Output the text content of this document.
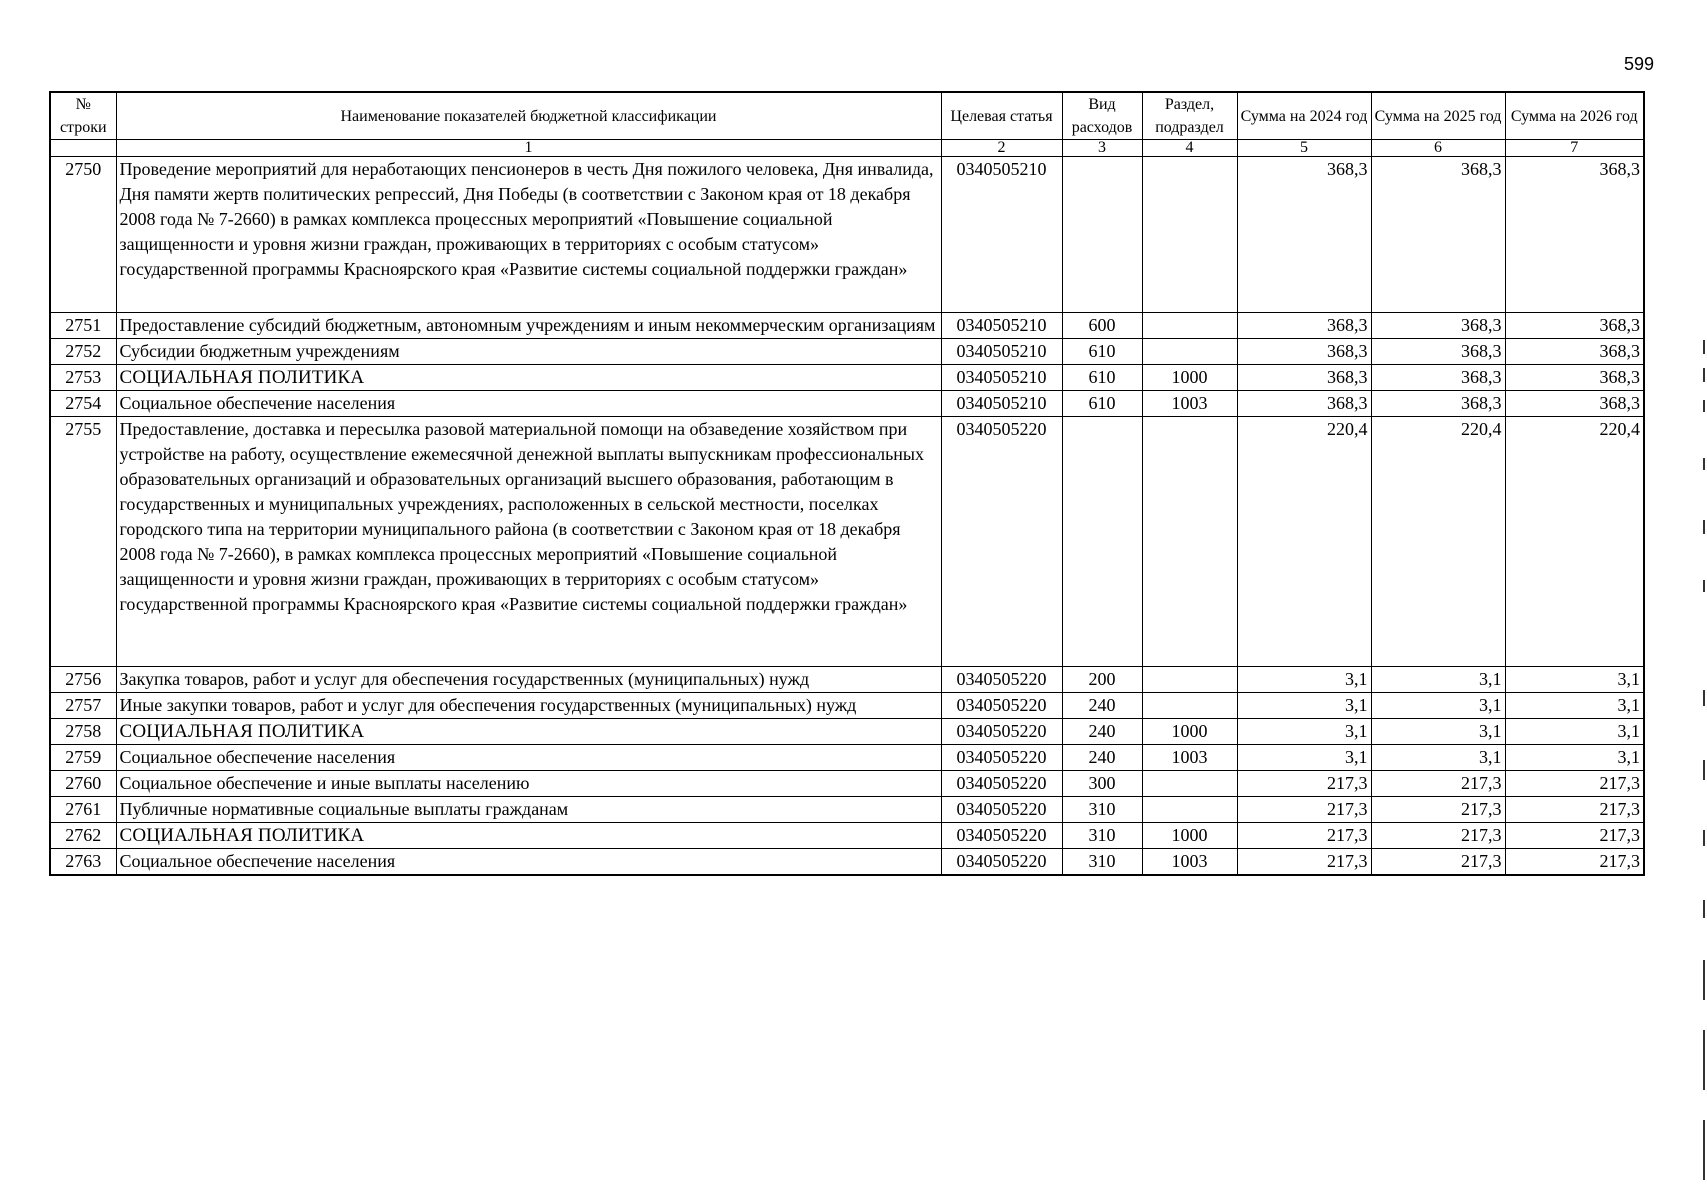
599
№ строки	Наименование показателей бюджетной классификации	Целевая статья	Вид расходов	Раздел, подраздел	Сумма на 2024 год	Сумма на 2025 год	Сумма на 2026 год
	1	2	3	4	5	6	7
2750	Проведение мероприятий для неработающих пенсионеров в честь Дня пожилого человека, Дня инвалида, Дня памяти жертв политических репрессий, Дня Победы (в соответствии с Законом края от 18 декабря 2008 года № 7-2660) в рамках комплекса процессных мероприятий «Повышение социальной защищенности и уровня жизни граждан, проживающих в территориях с особым статусом» государственной программы Красноярского края «Развитие системы социальной поддержки граждан»	0340505210			368,3	368,3	368,3
2751	Предоставление субсидий бюджетным, автономным учреждениям и иным некоммерческим организациям	0340505210	600		368,3	368,3	368,3
2752	Субсидии бюджетным учреждениям	0340505210	610		368,3	368,3	368,3
2753	СОЦИАЛЬНАЯ ПОЛИТИКА	0340505210	610	1000	368,3	368,3	368,3
2754	Социальное обеспечение населения	0340505210	610	1003	368,3	368,3	368,3
2755	Предоставление, доставка и пересылка разовой материальной помощи на обзаведение хозяйством при устройстве на работу, осуществление ежемесячной денежной выплаты выпускникам профессиональных образовательных организаций и образовательных организаций высшего образования, работающим в государственных и муниципальных учреждениях, расположенных в сельской местности, поселках городского типа на территории муниципального района (в соответствии с Законом края от 18 декабря 2008 года № 7-2660), в рамках комплекса процессных мероприятий «Повышение социальной защищенности и уровня жизни граждан, проживающих в территориях с особым статусом» государственной программы Красноярского края «Развитие системы социальной поддержки граждан»	0340505220			220,4	220,4	220,4
2756	Закупка товаров, работ и услуг для обеспечения государственных (муниципальных) нужд	0340505220	200		3,1	3,1	3,1
2757	Иные закупки товаров, работ и услуг для обеспечения государственных (муниципальных) нужд	0340505220	240		3,1	3,1	3,1
2758	СОЦИАЛЬНАЯ ПОЛИТИКА	0340505220	240	1000	3,1	3,1	3,1
2759	Социальное обеспечение населения	0340505220	240	1003	3,1	3,1	3,1
2760	Социальное обеспечение и иные выплаты населению	0340505220	300		217,3	217,3	217,3
2761	Публичные нормативные социальные выплаты гражданам	0340505220	310		217,3	217,3	217,3
2762	СОЦИАЛЬНАЯ ПОЛИТИКА	0340505220	310	1000	217,3	217,3	217,3
2763	Социальное обеспечение населения	0340505220	310	1003	217,3	217,3	217,3
